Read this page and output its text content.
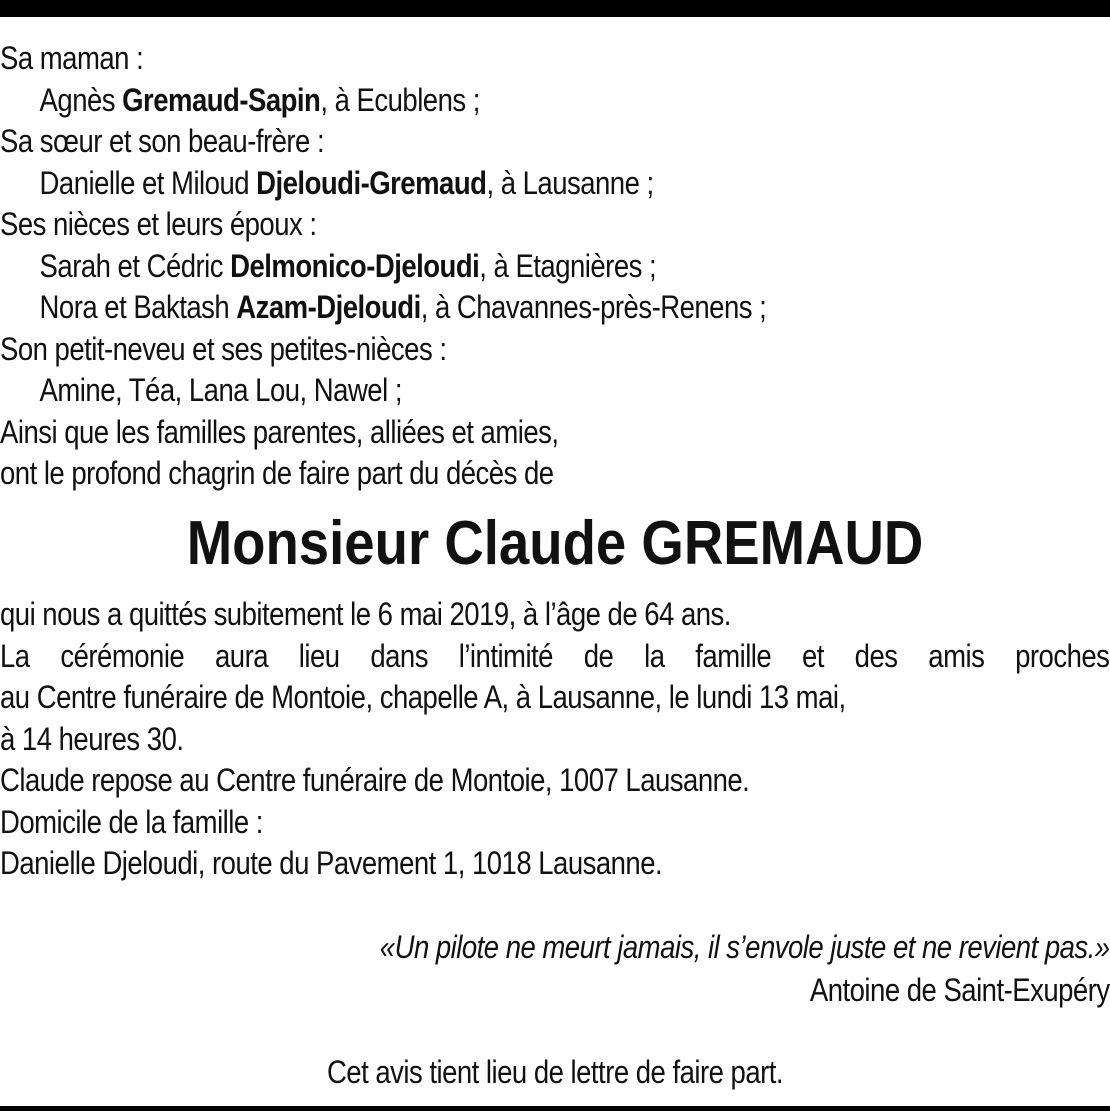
Sa maman :
Agnès Gremaud-Sapin, à Ecublens ;
Sa sœur et son beau-frère :
Danielle et Miloud Djeloudi-Gremaud, à Lausanne ;
Ses nièces et leurs époux :
Sarah et Cédric Delmonico-Djeloudi, à Etagnières ;
Nora et Baktash Azam-Djeloudi, à Chavannes-près-Renens ;
Son petit-neveu et ses petites-nièces :
Amine, Téa, Lana Lou, Nawel ;
Ainsi que les familles parentes, alliées et amies,
ont le profond chagrin de faire part du décès de
Monsieur Claude GREMAUD
qui nous a quittés subitement le 6 mai 2019, à l’âge de 64 ans.
La cérémonie aura lieu dans l’intimité de la famille et des amis proches
au Centre funéraire de Montoie, chapelle A, à Lausanne, le lundi 13 mai,
à 14 heures 30.
Claude repose au Centre funéraire de Montoie, 1007 Lausanne.
Domicile de la famille :
Danielle Djeloudi, route du Pavement 1, 1018 Lausanne.
«Un pilote ne meurt jamais, il s’envole juste et ne revient pas.»
Antoine de Saint-Exupéry
Cet avis tient lieu de lettre de faire part.
